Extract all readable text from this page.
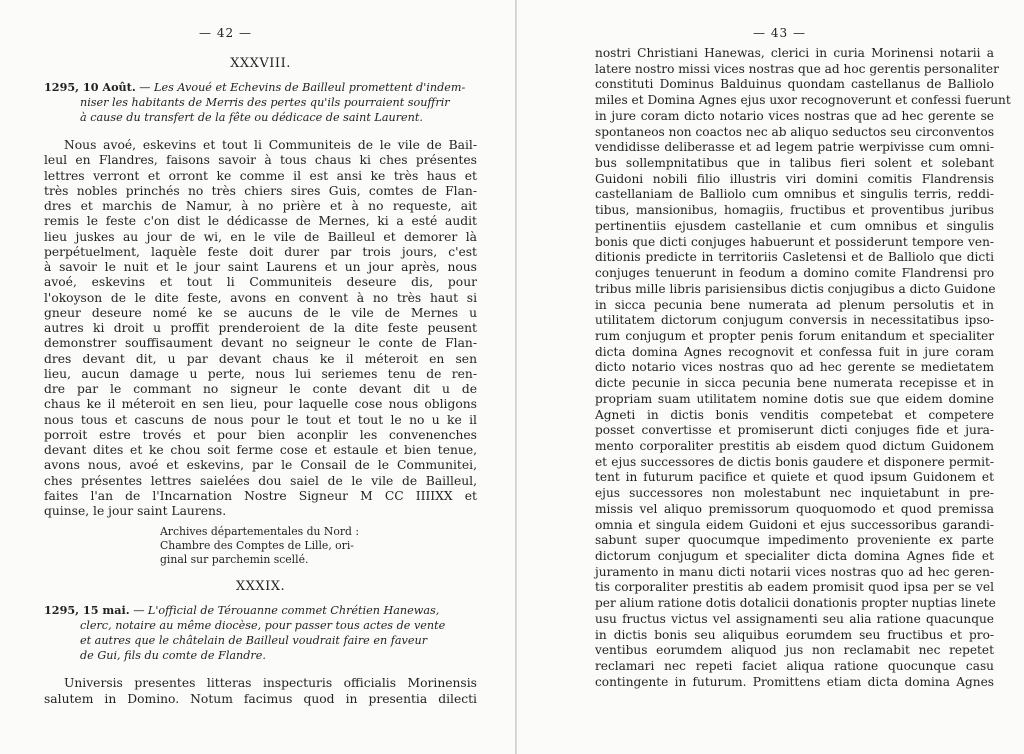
— 42 —
XXXVIII.
1295, 10 Août. — Les Avoué et Echevins de Bailleul promettent d'indem-
niser les habitants de Merris des pertes qu'ils pourraient souffrir
à cause du transfert de la fête ou dédicace de saint Laurent.
Nous avoé, eskevins et tout li Communiteis de le vile de Bail-
leul en Flandres, faisons savoir à tous chaus ki ches présentes
lettres verront et orront ke comme il est ansi ke très haus et
très nobles princhés no très chiers sires Guis, comtes de Flan-
dres et marchis de Namur, à no prière et à no requeste, ait
remis le feste c'on dist le dédicasse de Mernes, ki a esté audit
lieu juskes au jour de wi, en le vile de Bailleul et demorer là
perpétuelment, laquèle feste doit durer par trois jours, c'est
à savoir le nuit et le jour saint Laurens et un jour après, nous
avoé, eskevins et tout li Communiteis deseure dis, pour
l'okoyson de le dite feste, avons en convent à no très haut si
gneur deseure nomé ke se aucuns de le vile de Mernes u
autres ki droit u proffit prenderoient de la dite feste peusent
demonstrer souffisaument devant no seigneur le conte de Flan-
dres devant dit, u par devant chaus ke il méteroit en sen
lieu, aucun damage u perte, nous lui seriemes tenu de ren-
dre par le commant no signeur le conte devant dit u de
chaus ke il méteroit en sen lieu, pour laquelle cose nous obligons
nous tous et cascuns de nous pour le tout et tout le no u ke il
porroit estre trovés et pour bien aconplir les convenenches
devant dites et ke chou soit ferme cose et estaule et bien tenue,
avons nous, avoé et eskevins, par le Consail de le Communitei,
ches présentes lettres saielées dou saiel de le vile de Bailleul,
faites l'an de l'Incarnation Nostre Signeur M CC IIIIXX et
quinse, le jour saint Laurens.
Archives départementales du Nord :
Chambre des Comptes de Lille, ori-
ginal sur parchemin scellé.
XXXIX.
1295, 15 mai. — L'official de Térouanne commet Chrétien Hanewas,
clerc, notaire au même diocèse, pour passer tous actes de vente
et autres que le châtelain de Bailleul voudrait faire en faveur
de Gui, fils du comte de Flandre.
Universis presentes litteras inspecturis officialis Morinensis
salutem in Domino. Notum facimus quod in presentia dilecti
— 43 —
nostri Christiani Hanewas, clerici in curia Morinensi notarii a
latere nostro missi vices nostras que ad hoc gerentis personaliter
constituti Dominus Balduinus quondam castellanus de Balliolo
miles et Domina Agnes ejus uxor recognoverunt et confessi fuerunt
in jure coram dicto notario vices nostras que ad hec gerente se
spontaneos non coactos nec ab aliquo seductos seu circonventos
vendidisse deliberasse et ad legem patrie werpivisse cum omni-
bus sollempnitatibus que in talibus fieri solent et solebant
Guidoni nobili filio illustris viri domini comitis Flandrensis
castellaniam de Balliolo cum omnibus et singulis terris, reddi-
tibus, mansionibus, homagiis, fructibus et proventibus juribus
pertinentiis ejusdem castellanie et cum omnibus et singulis
bonis que dicti conjuges habuerunt et possiderunt tempore ven-
ditionis predicte in territoriis Casletensi et de Balliolo que dicti
conjuges tenuerunt in feodum a domino comite Flandrensi pro
tribus mille libris parisiensibus dictis conjugibus a dicto Guidone
in sicca pecunia bene numerata ad plenum persolutis et in
utilitatem dictorum conjugum conversis in necessitatibus ipso-
rum conjugum et propter penis forum enitandum et specialiter
dicta domina Agnes recognovit et confessa fuit in jure coram
dicto notario vices nostras quo ad hec gerente se medietatem
dicte pecunie in sicca pecunia bene numerata recepisse et in
propriam suam utilitatem nomine dotis sue que eidem domine
Agneti in dictis bonis venditis competebat et competere
posset convertisse et promiserunt dicti conjuges fide et jura-
mento corporaliter prestitis ab eisdem quod dictum Guidonem
et ejus successores de dictis bonis gaudere et disponere permit-
tent in futurum pacifice et quiete et quod ipsum Guidonem et
ejus successores non molestabunt nec inquietabunt in pre-
missis vel aliquo premissorum quoquomodo et quod premissa
omnia et singula eidem Guidoni et ejus successoribus garandi-
sabunt super quocumque impedimento proveniente ex parte
dictorum conjugum et specialiter dicta domina Agnes fide et
juramento in manu dicti notarii vices nostras quo ad hec geren-
tis corporaliter prestitis ab eadem promisit quod ipsa per se vel
per alium ratione dotis dotalicii donationis propter nuptias linete
usu fructus victus vel assignamenti seu alia ratione quacunque
in dictis bonis seu aliquibus eorumdem seu fructibus et pro-
ventibus eorumdem aliquod jus non reclamabit nec repetet
reclamari nec repeti faciet aliqua ratione quocunque casu
contingente in futurum. Promittens etiam dicta domina Agnes
